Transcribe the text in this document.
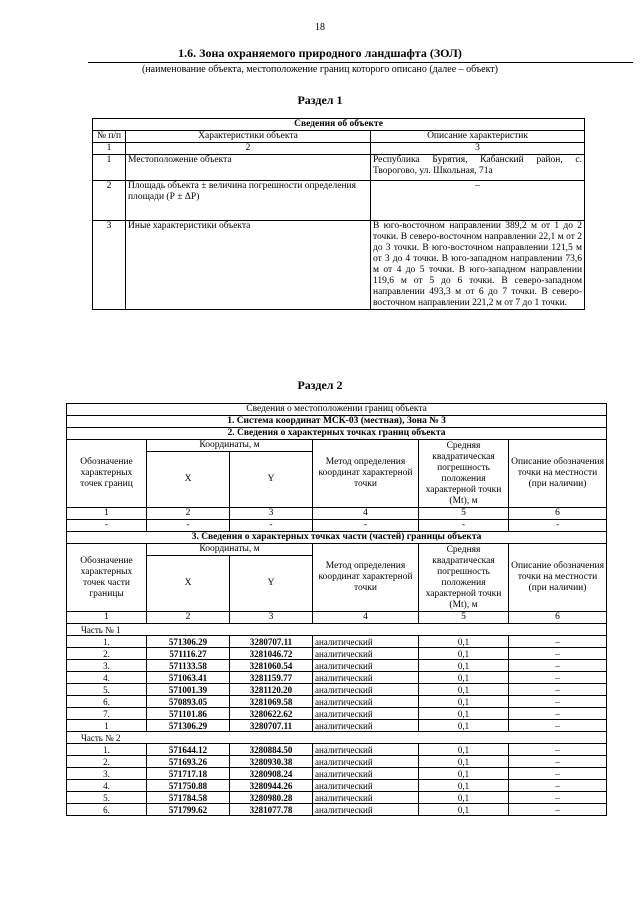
18
1.6. Зона охраняемого природного ландшафта (ЗОЛ)
(наименование объекта, местоположение границ которого описано (далее – объект)
Раздел 1
Сведения об объекте		
№ п/п	Характеристики объекта	Описание характеристик
1	2	3
1	Местоположение объекта	Республика Бурятия, Кабанский район, с. Творогово, ул. Школьная, 71а
2	Площадь объекта ± величина погрешности определения площади (Р ± ΔР)	–
3	Иные характеристики объекта	В юго-восточном направлении 389,2 м от 1 до 2 точки. В северо-восточном направлении 22,1 м от 2 до 3 точки. В юго-восточном направлении 121,5 м от 3 до 4 точки. В юго-западном направлении 73,6 м от 4 до 5 точки. В юго-западном направлении 119,6 м от 5 до 6 точки. В северо-западном направлении 493,3 м от 6 до 7 точки. В северо-восточном направлении 221,2 м от 7 до 1 точки.
Раздел 2
Сведения о местоположении границ объекта					
1. Система координат МСК-03 (местная), Зона № 3					
2. Сведения о характерных точках границ объекта					
Обозначение характерных точек границ	Координаты, м		Метод определения координат характерной точки	Средняя квадратическая погрешность положения характерной точки (Mt), м	Описание обозначения точки на местности (при наличии)
	X	Y			
1	2	3	4	5	6
-	-	-	-	-	-
3. Сведения о характерных точках части (частей) границы объекта					
Обозначение характерных точек части границы	Координаты, м		Метод определения координат характерной точки	Средняя квадратическая погрешность положения характерной точки (Mt), м	Описание обозначения точки на местности (при наличии)
	X	Y			
1	2	3	4	5	6
Часть № 1					
1.	571306.29	3280707.11	аналитический	0,1	–
2.	571116.27	3281046.72	аналитический	0,1	–
3.	571133.58	3281060.54	аналитический	0,1	–
4.	571063.41	3281159.77	аналитический	0,1	–
5.	571001.39	3281120.20	аналитический	0,1	–
6.	570893.05	3281069.58	аналитический	0,1	–
7.	571101.86	3280622.62	аналитический	0,1	–
1	571306.29	3280707.11	аналитический	0,1	–
Часть № 2					
1.	571644.12	3280884.50	аналитический	0,1	–
2.	571693.26	3280930.38	аналитический	0,1	–
3.	571717.18	3280908.24	аналитический	0,1	–
4.	571750.88	3280944.26	аналитический	0,1	–
5.	571784.58	3280980.28	аналитический	0,1	–
6.	571799.62	3281077.78	аналитический	0,1	–
